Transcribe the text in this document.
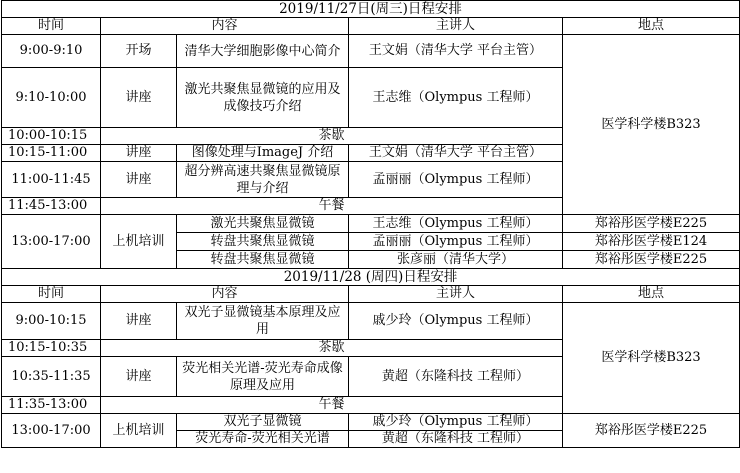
2019/11/27日(周三)日程安排				
时间	内容		主讲人	地点
9:00-9:10	开场	清华大学细胞影像中心简介	王文娟（清华大学 平台主管）	医学科学楼B323
9:10-10:00	讲座	激光共聚焦显微镜的应用及成像技巧介绍	王志维（Olympus 工程师）	
10:00-10:15	茶歇			
10:15-11:00	讲座	图像处理与ImageJ 介绍	王文娟（清华大学 平台主管）	
11:00-11:45	讲座	超分辨高速共聚焦显微镜原理与介绍	孟丽丽（Olympus 工程师）	
11:45-13:00	午餐			
13:00-17:00	上机培训	激光共聚焦显微镜	王志维（Olympus 工程师）	郑裕彤医学楼E225
		转盘共聚焦显微镜	孟丽丽（Olympus 工程师）	郑裕彤医学楼E124
		转盘共聚焦显微镜	张彦丽（清华大学）	郑裕彤医学楼E225
2019/11/28 (周四)日程安排				
时间	内容		主讲人	地点
9:00-10:15	讲座	双光子显微镜基本原理及应用	戚少玲（Olympus 工程师）	医学科学楼B323
10:15-10:35	茶歇			
10:35-11:35	讲座	荧光相关光谱-荧光寿命成像原理及应用	黄超（东隆科技 工程师）	
11:35-13:00	午餐			
13:00-17:00	上机培训	双光子显微镜	戚少玲（Olympus 工程师）	郑裕彤医学楼E225
		荧光寿命-荧光相关光谱	黄超（东隆科技 工程师）	
